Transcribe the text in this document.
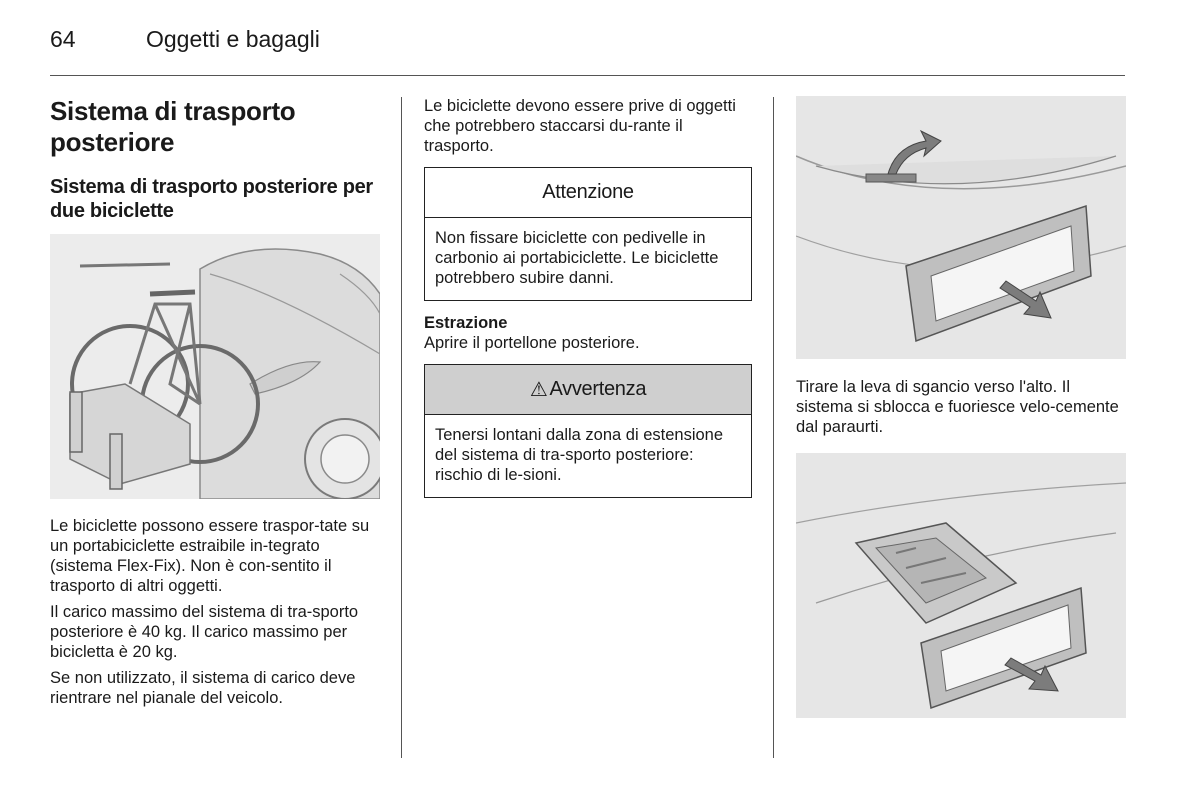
64	Oggetti e bagagli
Sistema di trasporto posteriore
Sistema di trasporto posteriore per due biciclette

Le biciclette possono essere traspor-tate su un portabiciclette estraibile in-tegrato (sistema Flex-Fix). Non è con-sentito il trasporto di altri oggetti.

Il carico massimo del sistema di tra-sporto posteriore è 40 kg. Il carico massimo per bicicletta è 20 kg.

Se non utilizzato, il sistema di carico deve rientrare nel pianale del veicolo.

Le biciclette devono essere prive di oggetti che potrebbero staccarsi du-rante il trasporto.

Attenzione
Non fissare biciclette con pedivelle in carbonio ai portabiciclette. Le biciclette potrebbero subire danni.
Estrazione

Aprire il portellone posteriore.

⚠ Avvertenza
Tenersi lontani dalla zona di estensione del sistema di tra-sporto posteriore: rischio di le-sioni.

Tirare la leva di sgancio verso l'alto. Il sistema si sblocca e fuoriesce velo-cemente dal paraurti.
